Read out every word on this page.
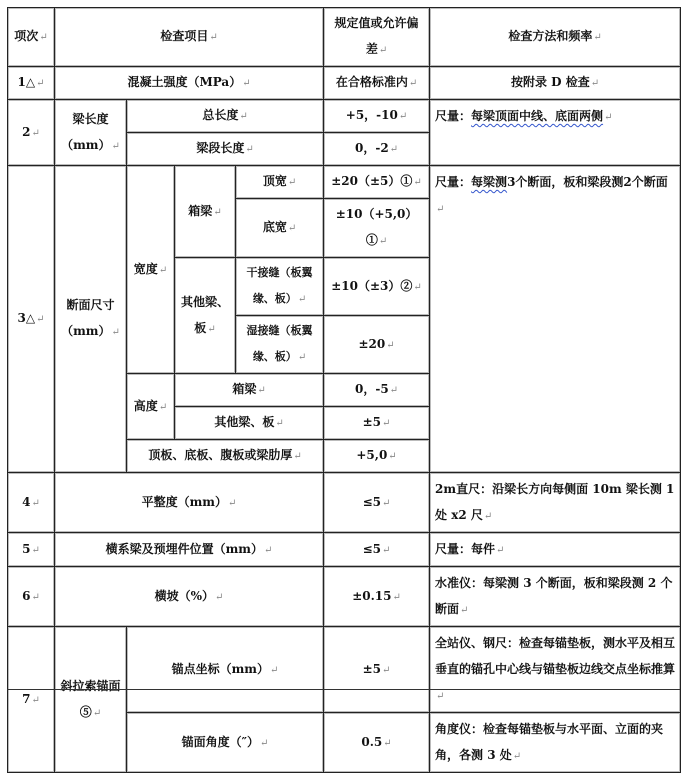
项次↵	检查项目↵				规定值或允许偏差↵	检查方法和频率↵
1△↵	混凝土强度（MPa）↵				在合格标准内↵	按附录 D 检查↵
2↵	梁长度（mm）↵	总长度↵			+5，-10↵	尺量：每梁顶面中线、底面两侧↵
		梁段长度↵			0，-2↵	
3△↵	断面尺寸（mm）↵	宽度↵	箱梁↵	顶宽↵	±20（±5）①↵	尺量：每梁测3个断面，板和梁段测2个断面↵
				底宽↵	±10（+5,0）①↵	
			其他梁、板↵	干接缝（板翼缘、板）↵	±10（±3）②↵	
				湿接缝（板翼缘、板）↵	±20↵	
		高度↵	箱梁↵		0，-5↵	
			其他梁、板↵		±5↵	
		顶板、底板、腹板或梁肋厚↵			+5,0↵	
4↵	平整度（mm）↵				≤5↵	2m直尺：沿梁长方向每侧面 10m 梁长测 1 处 x2 尺↵
5↵	横系梁及预埋件位置（mm）↵				≤5↵	尺量：每件↵
6↵	横坡（%）↵				±0.15↵	水准仪：每梁测 3 个断面，板和梁段测 2 个断面↵
7↵	斜拉索锚面⑤↵	锚点坐标（mm）↵			±5↵	全站仪、钢尺：检查每锚垫板，测水平及相互垂直的锚孔中心线与锚垫板边线交点坐标推算↵
		锚面角度（″）↵			0.5↵	角度仪：检查每锚垫板与水平面、立面的夹角，各测 3 处↵
